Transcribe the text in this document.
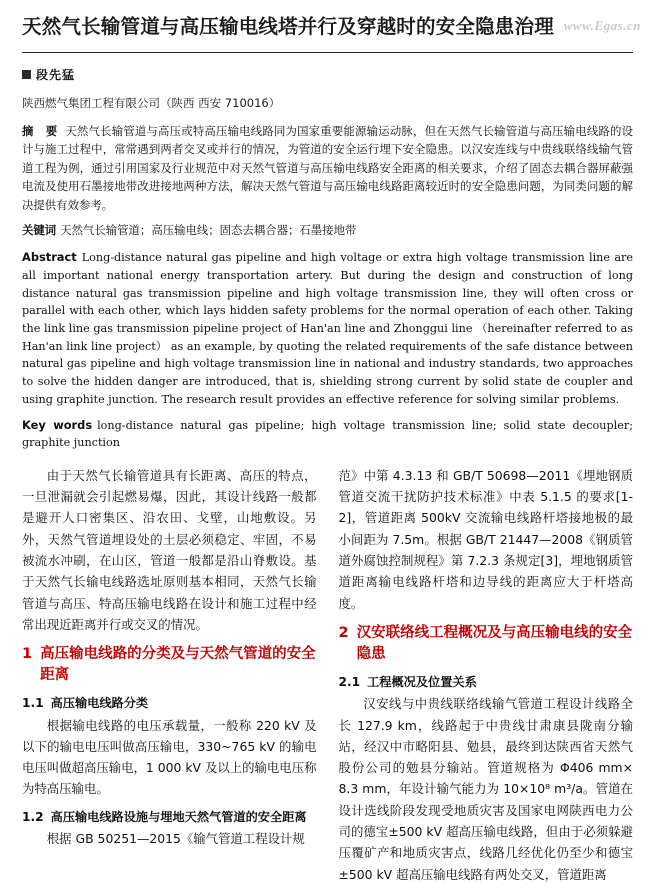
www.Egas.cn
天然气长输管道与高压输电线塔并行及穿越时的安全隐患治理
段先猛
陕西燃气集团工程有限公司（陕西 西安 710016）
摘 要 天然气长输管道与高压或特高压输电线路同为国家重要能源输运动脉，但在天然气长输管道与高压输电线路的设计与施工过程中，常常遇到两者交叉或并行的情况，为管道的安全运行埋下安全隐患。以汉安连线与中贵线联络线输气管道工程为例，通过引用国家及行业规范中对天然气管道与高压输电线路安全距离的相关要求，介绍了固态去耦合器屏蔽强电流及使用石墨接地带改进接地两种方法，解决天然气管道与高压输电线路距离较近时的安全隐患问题，为同类问题的解决提供有效参考。
关键词 天然气长输管道；高压输电线；固态去耦合器；石墨接地带
Abstract Long-distance natural gas pipeline and high voltage or extra high voltage transmission line are all important national energy transportation artery. But during the design and construction of long distance natural gas transmission pipeline and high voltage transmission line, they will often cross or parallel with each other, which lays hidden safety problems for the normal operation of each other. Taking the link line gas transmission pipeline project of Han'an line and Zhonggui line （hereinafter referred to as Han'an link line project） as an example, by quoting the related requirements of the safe distance between natural gas pipeline and high voltage transmission line in national and industry standards, two approaches to solve the hidden danger are introduced, that is, shielding strong current by solid state de coupler and using graphite junction. The research result provides an effective reference for solving similar problems.
Key words long-distance natural gas pipeline; high voltage transmission line; solid state decoupler; graphite junction

由于天然气长输管道具有长距离、高压的特点，一旦泄漏就会引起燃易爆，因此，其设计线路一般都是避开人口密集区、沿农田、戈壁，山地敷设。另外，天然气管道埋设处的土层必须稳定、牢固，不易被流水冲刷，在山区，管道一般都是沿山脊敷设。基于天然气长输电线路选址原则基本相同，天然气长输管道与高压、特高压输电线路在设计和施工过程中经常出现近距离并行或交叉的情况。

1 高压输电线路的分类及与天然气管道的安全距离
1.1 高压输电线路分类

根据输电线路的电压承载量，一般称 220 kV 及以下的输电电压叫做高压输电，330~765 kV 的输电电压叫做超高压输电，1 000 kV 及以上的输电电压称为特高压输电。

1.2 高压输电线路设施与埋地天然气管道的安全距离

根据 GB 50251—2015《输气管道工程设计规

范》中第 4.3.13 和 GB/T 50698—2011《埋地钢质管道交流干扰防护技术标准》中表 5.1.5 的要求[1-2]，管道距离 500kV 交流输电线路杆塔接地极的最小间距为 7.5m。根据 GB/T 21447—2008《钢质管道外腐蚀控制规程》第 7.2.3 条规定[3]，埋地钢质管道距离输电线路杆塔和边导线的距离应大于杆塔高度。

2 汉安联络线工程概况及与高压输电线的安全隐患
2.1 工程概况及位置关系

汉安线与中贵线联络线输气管道工程设计线路全长 127.9 km，线路起于中贵线甘肃康县陇南分输站，经汉中市略阳县、勉县，最终到达陕西省天然气股份公司的勉县分输站。管道规格为 Φ406 mm× 8.3 mm，年设计输气能力为 10×10⁸ m³/a。管道在设计选线阶段发现受地质灾害及国家电网陕西电力公司的德宝±500 kV 超高压输电线路，但由于必须躲避压覆矿产和地质灾害点，线路几经优化仍至少和德宝±500 kV 超高压输电线路有两处交叉，管道距离
